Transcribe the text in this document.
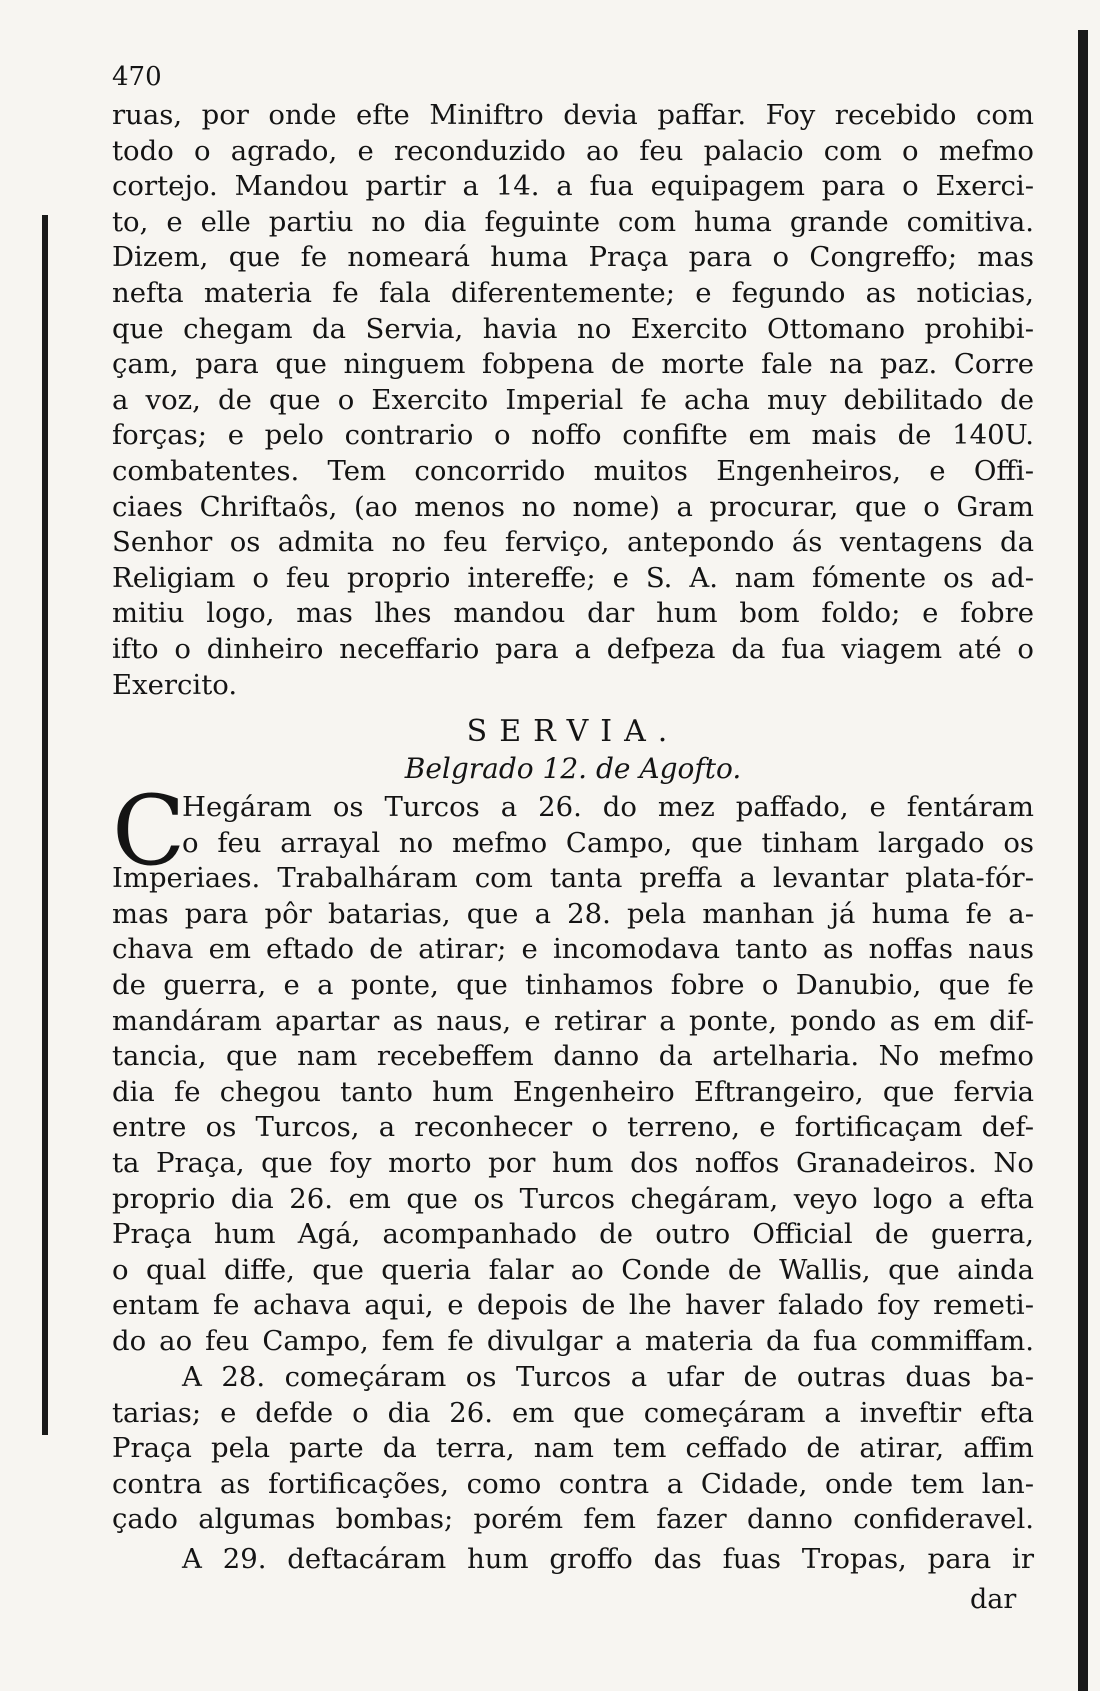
470
ruas, por onde efte Miniftro devia paffar. Foy recebido com
todo o agrado, e reconduzido ao feu palacio com o mefmo
cortejo. Mandou partir a 14. a fua equipagem para o Exerci-
to, e elle partiu no dia feguinte com huma grande comitiva.
Dizem, que fe nomeará huma Praça para o Congreffo; mas
nefta materia fe fala diferentemente; e fegundo as noticias,
que chegam da Servia, havia no Exercito Ottomano prohibi-
çam, para que ninguem fobpena de morte fale na paz. Corre
a voz, de que o Exercito Imperial fe acha muy debilitado de
forças; e pelo contrario o noffo confifte em mais de 140U.
combatentes. Tem concorrido muitos Engenheiros, e Offi-
ciaes Chriftaôs, (ao menos no nome) a procurar, que o Gram
Senhor os admita no feu ferviço, antepondo ás ventagens da
Religiam o feu proprio intereffe; e S. A. nam fómente os ad-
mitiu logo, mas lhes mandou dar hum bom foldo; e fobre
ifto o dinheiro neceffario para a defpeza da fua viagem até o
Exercito.
SERVIA.
Belgrado 12. de Agofto.
C
Hegáram os Turcos a 26. do mez paffado, e fentáram
o feu arrayal no mefmo Campo, que tinham largado os
Imperiaes. Trabalháram com tanta preffa a levantar plata-fór-
mas para pôr batarias, que a 28. pela manhan já huma fe a-
chava em eftado de atirar; e incomodava tanto as noffas naus
de guerra, e a ponte, que tinhamos fobre o Danubio, que fe
mandáram apartar as naus, e retirar a ponte, pondo as em dif-
tancia, que nam recebeffem danno da artelharia. No mefmo
dia fe chegou tanto hum Engenheiro Eftrangeiro, que fervia
entre os Turcos, a reconhecer o terreno, e fortificaçam def-
ta Praça, que foy morto por hum dos noffos Granadeiros. No
proprio dia 26. em que os Turcos chegáram, veyo logo a efta
Praça hum Agá, acompanhado de outro Official de guerra,
o qual diffe, que queria falar ao Conde de Wallis, que ainda
entam fe achava aqui, e depois de lhe haver falado foy remeti-
do ao feu Campo, fem fe divulgar a materia da fua commiffam.
A 28. começáram os Turcos a ufar de outras duas ba-
tarias; e defde o dia 26. em que começáram a inveftir efta
Praça pela parte da terra, nam tem ceffado de atirar, affim
contra as fortificações, como contra a Cidade, onde tem lan-
çado algumas bombas; porém fem fazer danno confideravel.
A 29. deftacáram hum groffo das fuas Tropas, para ir
dar
